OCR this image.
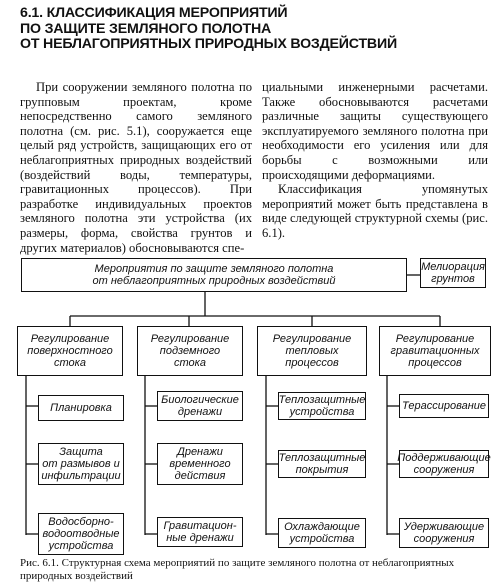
6.1. КЛАССИФИКАЦИЯ МЕРОПРИЯТИЙ
ПО ЗАЩИТЕ ЗЕМЛЯНОГО ПОЛОТНА
ОТ НЕБЛАГОПРИЯТНЫХ ПРИРОДНЫХ ВОЗДЕЙСТВИЙ

При сооружении земляного полотна по групповым проектам, кроме непосредственно самого земляного полотна (см. рис. 5.1), сооружается еще целый ряд устройств, защищающих его от неблагоприятных природных воздействий (воздействий воды, температуры, гравитационных процессов). При разработке индивидуальных проектов земляного полотна эти устройства (их размеры, форма, свойства грунтов и других материалов) обосновываются спе-

циальными инженерными расчетами. Также обосновываются расчетами различные защиты существующего эксплуатируемого земляного полотна при необходимости его усиления или для борьбы с возможными или происходящими деформациями.

Классификация упомянутых мероприятий может быть представлена в виде следующей структурной схемы (рис. 6.1).

Мероприятия по защите земляного полотна
от неблагоприятных природных воздействий
Мелиорация
грунтов
Регулирование
поверхностного
стока
Регулирование
подземного
стока
Регулирование
тепловых
процессов
Регулирование
гравитационных
процессов
Планировка
Защита
от размывов и
инфильтрации
Водосборно-
водоотводные
устройства
Биологические
дренажи
Дренажи
временного
действия
Гравитацион-
ные дренажи
Теплозащитные
устройства
Теплозащитные
покрытия
Охлаждающие
устройства
Терассирование
Поддерживающие
сооружения
Удерживающие
сооружения
Рис. 6.1. Структурная схема мероприятий по защите земляного полотна от неблагоприятных природных воздействий
